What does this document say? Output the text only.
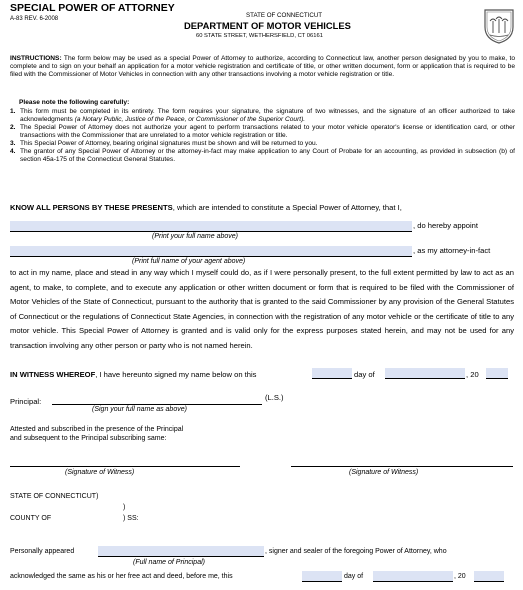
SPECIAL POWER OF ATTORNEY
A-83 REV. 6-2008	STATE OF CONNECTICUT
DEPARTMENT OF MOTOR VEHICLES
60 STATE STREET, WETHERSFIELD, CT 06161
INSTRUCTIONS: The form below may be used as a special Power of Attorney to authorize, according to Connecticut law, another person designated by you to make, to complete and to sign on your behalf an application for a motor vehicle registration and certificate of title, or other written document, form or application that is required to be filed with the Commissioner of Motor Vehicles in connection with any other transactions involving a motor vehicle registration or title.
Please note the following carefully:
1. This form must be completed in its entirety. The form requires your signature, the signature of two witnesses, and the signature of an officer authorized to take acknowledgments (a Notary Public, Justice of the Peace, or Commissioner of the Superior Court).
2. The Special Power of Attorney does not authorize your agent to perform transactions related to your motor vehicle operator's license or identification card, or other transactions with the Commissioner that are unrelated to a motor vehicle registration or title.
3. This Special Power of Attorney, bearing original signatures must be shown and will be returned to you.
4. The grantor of any Special Power of Attorney or the attorney-in-fact may make application to any Court of Probate for an accounting, as provided in subsection (b) of section 45a-175 of the Connecticut General Statutes.
KNOW ALL PERSONS BY THESE PRESENTS, which are intended to constitute a Special Power of Attorney, that I,
, do hereby appoint
(Print your full name above)
, as my attorney-in-fact
(Print full name of your agent above)
to act in my name, place and stead in any way which I myself could do, as if I were personally present, to the full extent permitted by law to act as an agent, to make, to complete, and to execute any application or other written document or form that is required to be filed with the Commissioner of Motor Vehicles of the State of Connecticut, pursuant to the authority that is granted to the said Commissioner by any provision of the General Statutes of Connecticut or the regulations of Connecticut State Agencies, in connection with the registration of any motor vehicle or the certificate of title to any motor vehicle. This Special Power of Attorney is granted and is valid only for the express purposes stated herein, and may not be used for any transaction involving any other person or party who is not named herein.
IN WITNESS WHEREOF, I have hereunto signed my name below on this	day of	, 20
Principal:	(L.S.)
(Sign your full name as above)
Attested and subscribed in the presence of the Principal
and subsequent to the Principal subscribing same:
(Signature of Witness)	(Signature of Witness)
STATE OF CONNECTICUT)
)
COUNTY OF	) SS:
Personally appeared	, signer and sealer of the foregoing Power of Attorney, who
(Full name of Principal)
acknowledged the same as his or her free act and deed, before me, this	day of	, 20
